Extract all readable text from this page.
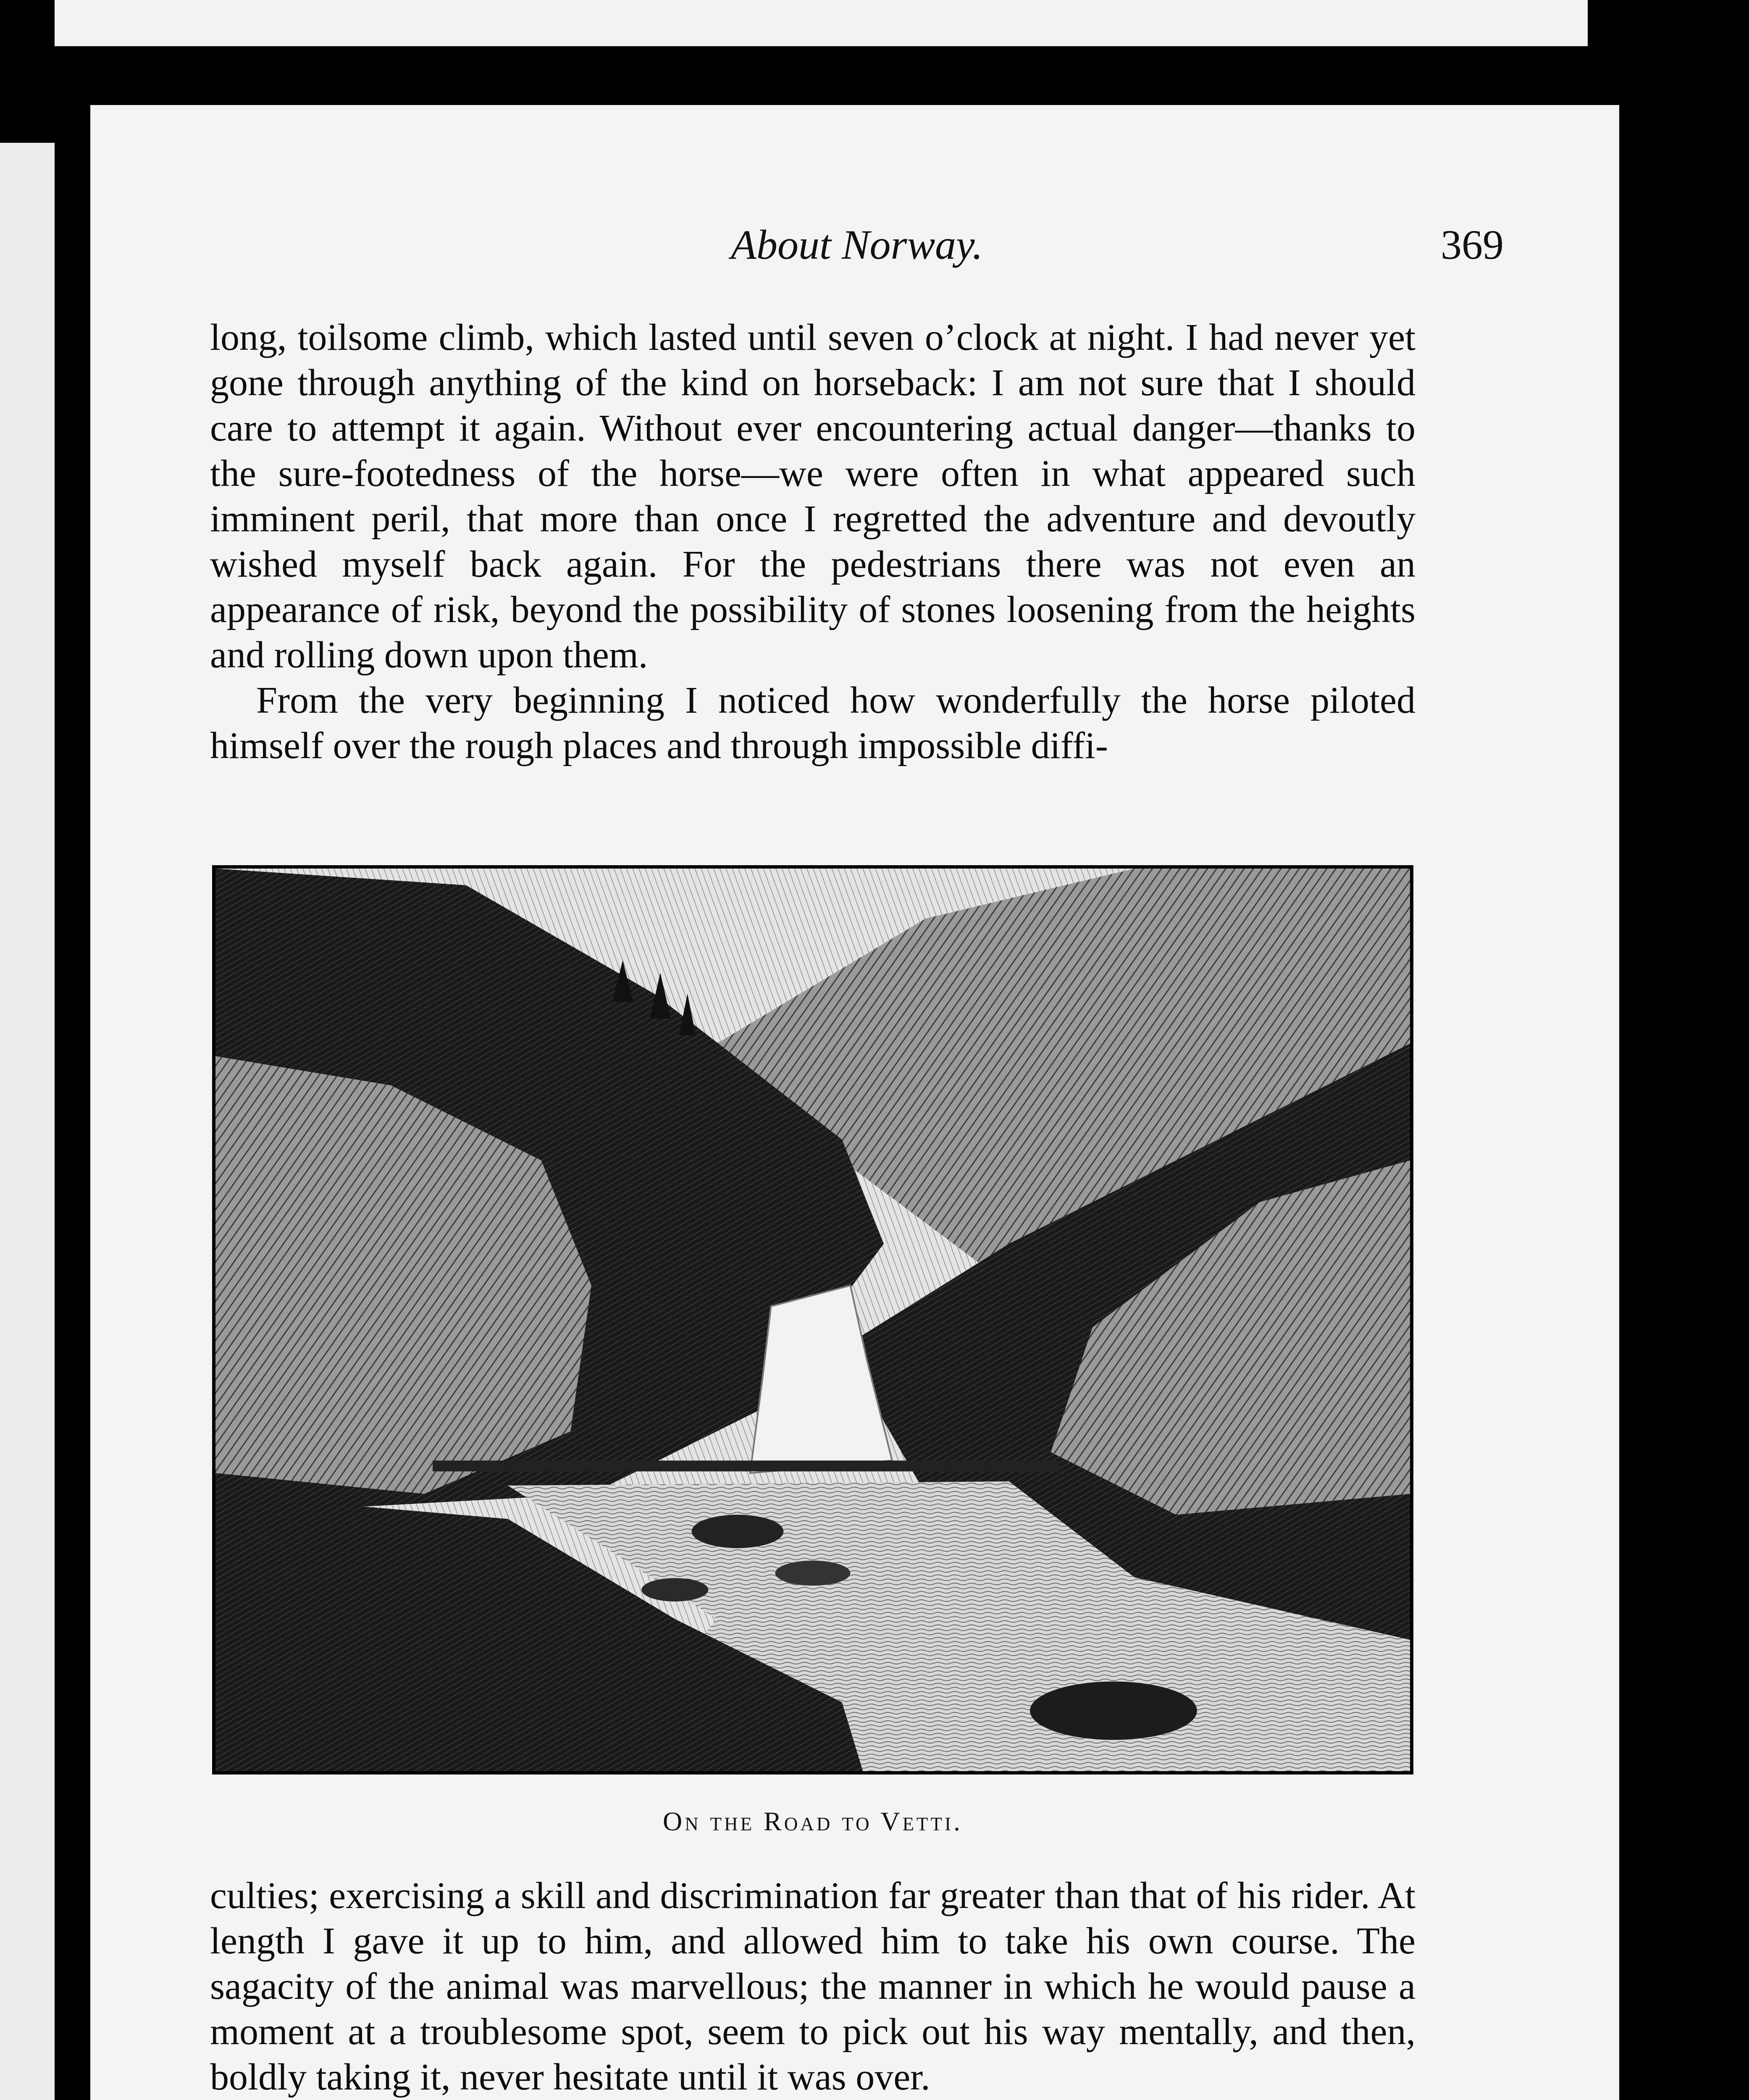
About Norway.	369

long, toilsome climb, which lasted until seven o’clock at night. I had never yet gone through anything of the kind on horseback: I am not sure that I should care to attempt it again. Without ever encountering actual danger—thanks to the sure-footedness of the horse—we were often in what appeared such imminent peril, that more than once I regretted the adventure and devoutly wished myself back again. For the pedestrians there was not even an appearance of risk, beyond the possibility of stones loosening from the heights and rolling down upon them.

From the very beginning I noticed how wonderfully the horse piloted himself over the rough places and through impossible diffi-

On the Road to Vetti.

culties; exercising a skill and discrimination far greater than that of his rider. At length I gave it up to him, and allowed him to take his own course. The sagacity of the animal was marvellous; the manner in which he would pause a moment at a troublesome spot, seem to pick out his way mentally, and then, boldly taking it, never hesitate until it was over.
